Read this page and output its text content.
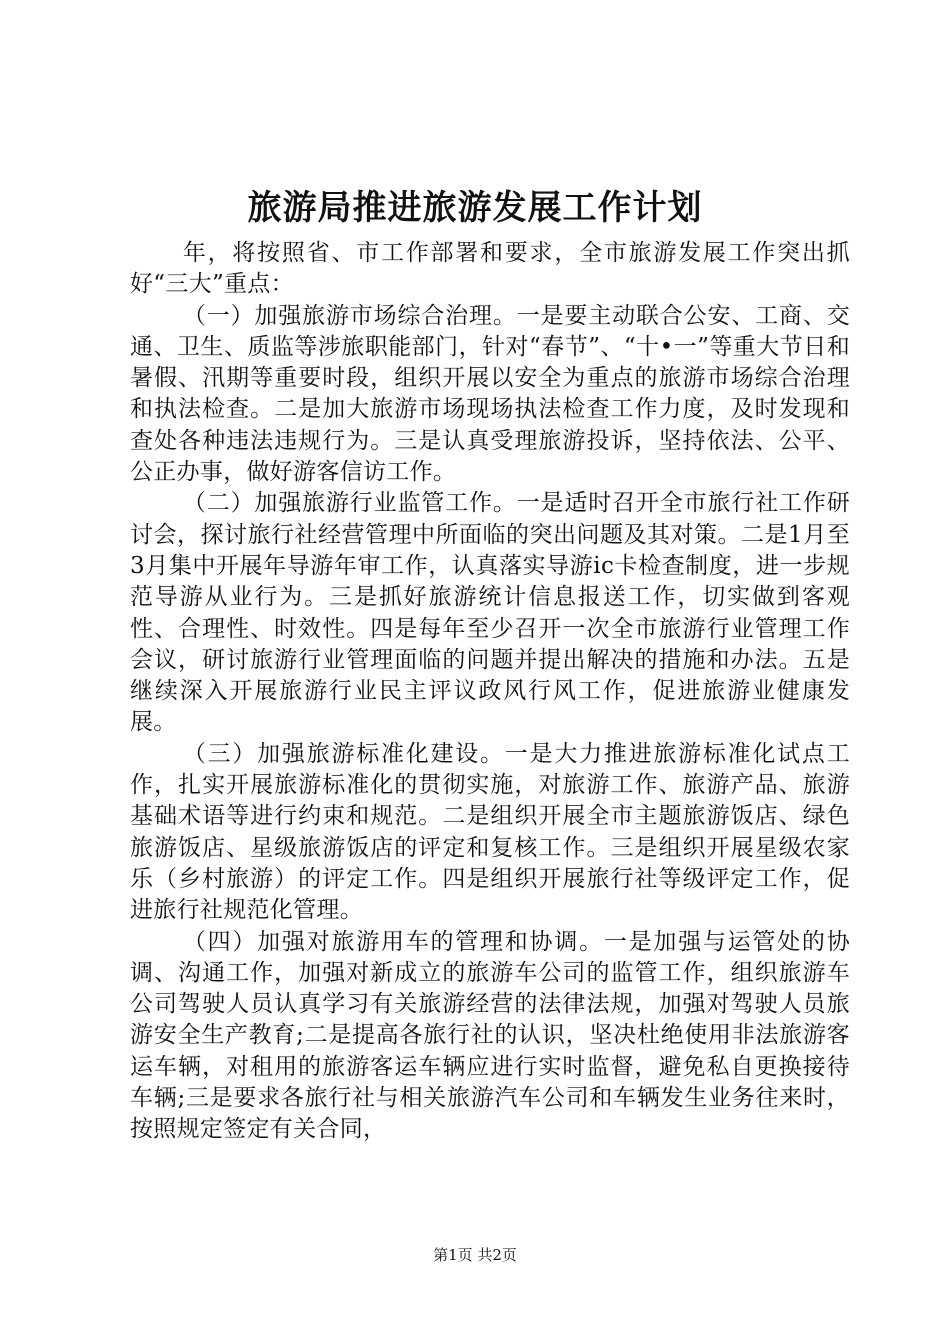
旅游局推进旅游发展工作计划

年，将按照省、市工作部署和要求，全市旅游发展工作突出抓好“三大”重点：

（一）加强旅游市场综合治理。一是要主动联合公安、工商、交通、卫生、质监等涉旅职能部门，针对“春节”、“十•一”等重大节日和暑假、汛期等重要时段，组织开展以安全为重点的旅游市场综合治理和执法检查。二是加大旅游市场现场执法检查工作力度，及时发现和查处各种违法违规行为。三是认真受理旅游投诉，坚持依法、公平、公正办事，做好游客信访工作。

（二）加强旅游行业监管工作。一是适时召开全市旅行社工作研讨会，探讨旅行社经营管理中所面临的突出问题及其对策。二是1月至3月集中开展年导游年审工作，认真落实导游ic卡检查制度，进一步规范导游从业行为。三是抓好旅游统计信息报送工作，切实做到客观性、合理性、时效性。四是每年至少召开一次全市旅游行业管理工作会议，研讨旅游行业管理面临的问题并提出解决的措施和办法。五是继续深入开展旅游行业民主评议政风行风工作，促进旅游业健康发展。

（三）加强旅游标准化建设。一是大力推进旅游标准化试点工作，扎实开展旅游标准化的贯彻实施，对旅游工作、旅游产品、旅游基础术语等进行约束和规范。二是组织开展全市主题旅游饭店、绿色旅游饭店、星级旅游饭店的评定和复核工作。三是组织开展星级农家乐（乡村旅游）的评定工作。四是组织开展旅行社等级评定工作，促进旅行社规范化管理。

（四）加强对旅游用车的管理和协调。一是加强与运管处的协调、沟通工作，加强对新成立的旅游车公司的监管工作，组织旅游车公司驾驶人员认真学习有关旅游经营的法律法规，加强对驾驶人员旅游安全生产教育;二是提高各旅行社的认识，坚决杜绝使用非法旅游客运车辆，对租用的旅游客运车辆应进行实时监督，避免私自更换接待车辆;三是要求各旅行社与相关旅游汽车公司和车辆发生业务往来时，按照规定签定有关合同，

第1页 共2页
